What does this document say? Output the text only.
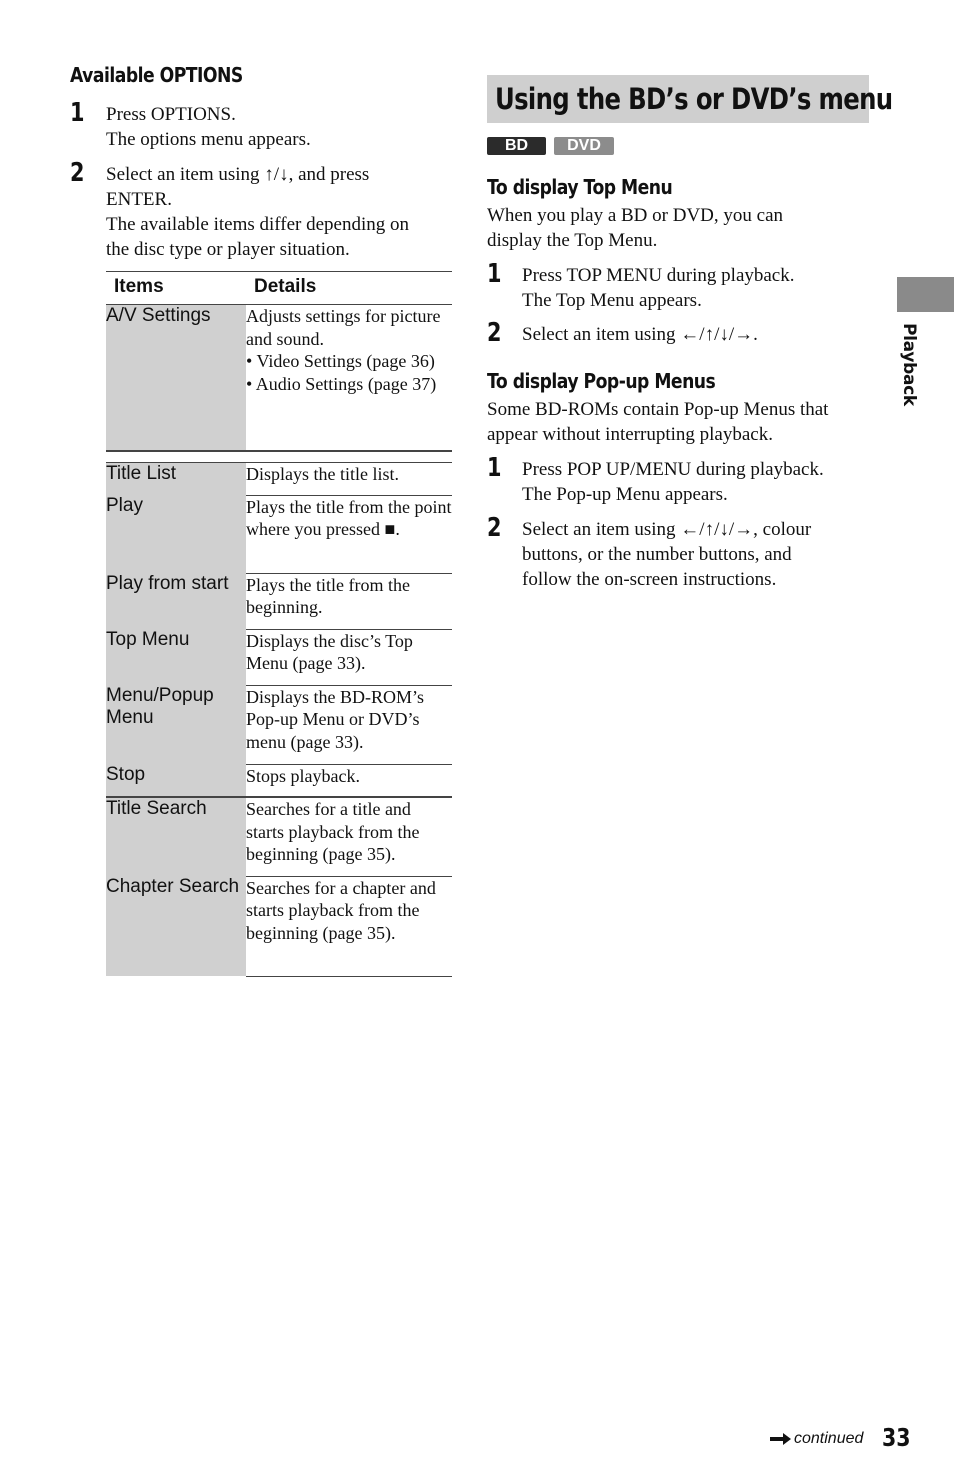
Available OPTIONS
1 Press OPTIONS.
The options menu appears.
2 Select an item using ↑/↓, and press
ENTER.
The available items differ depending on
the disc type or player situation.
Items	Details
A/V Settings	Adjusts settings for picture and sound.
• Video Settings (page 36)
• Audio Settings (page 37)

Title List	Displays the title list.
Play	Plays the title from the point where you pressed ■.
Play from start	Plays the title from the beginning.
Top Menu	Displays the disc’s Top Menu (page 33).
Menu/Popup Menu	Displays the BD-ROM’s Pop-up Menu or DVD’s menu (page 33).
Stop	Stops playback.
Title Search	Searches for a title and starts playback from the beginning (page 35).
Chapter Search	Searches for a chapter and starts playback from the beginning (page 35).
Using the BD’s or DVD’s menu
BD	DVD
To display Top Menu
When you play a BD or DVD, you can
display the Top Menu.
1 Press TOP MENU during playback.
The Top Menu appears.
2 Select an item using ←/↑/↓/→.
To display Pop-up Menus
Some BD-ROMs contain Pop-up Menus that
appear without interrupting playback.
1 Press POP UP/MENU during playback.
The Pop-up Menu appears.
2 Select an item using ←/↑/↓/→, colour
buttons, or the number buttons, and
follow the on-screen instructions.
Playback
continued 33
